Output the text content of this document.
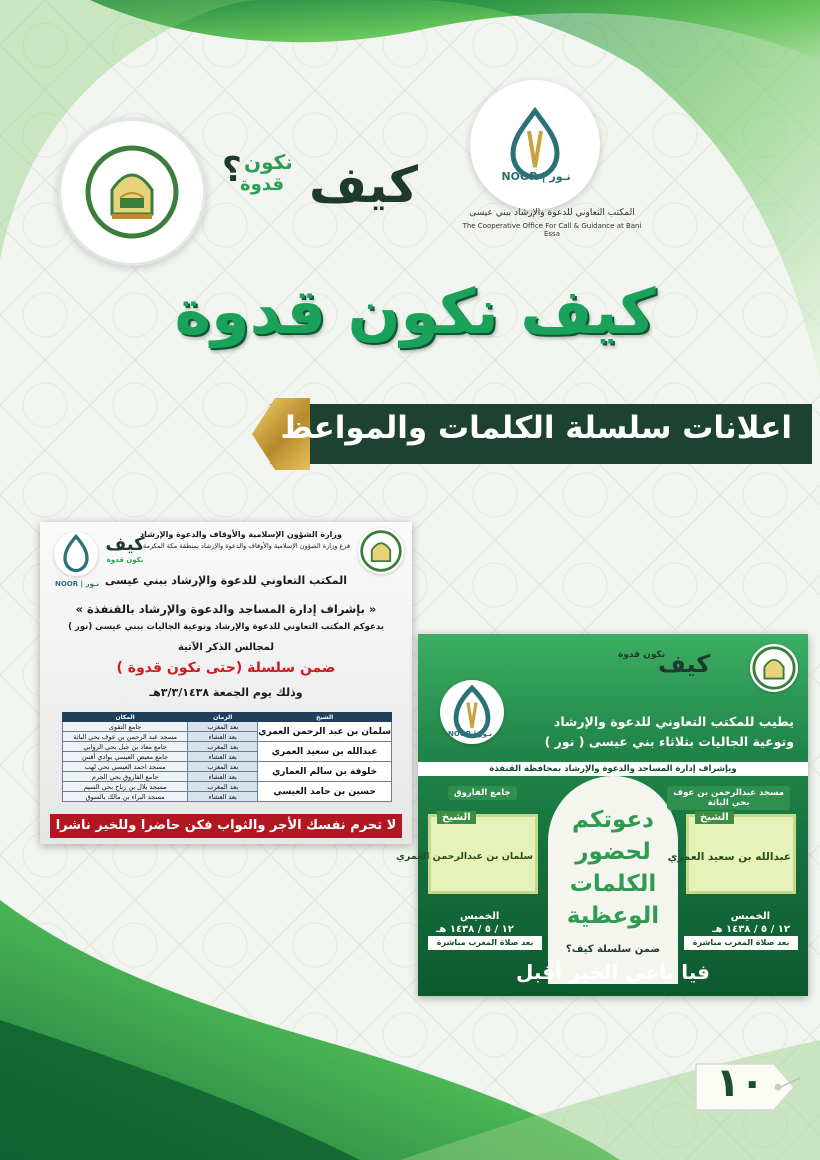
كيف
نكون
قدوة
؟	NOOR | نـور
المكتب التعاوني للدعوة والإرشاد ببني عيسى
The Cooperative Office For Call & Guidance at Bani Essa
كيف نكون قدوة
اعلانات سلسلة الكلمات والمواعظ
NOOR | نـور
كيف
نكون قدوة
وزارة الشؤون الإسلامية والأوقاف والدعوة والإرشاد
فرع وزارة الشؤون الإسلامية والأوقاف والدعوة والإرشاد بمنطقة مكة المكرمة
المكتب التعاوني للدعوة والإرشاد ببني عيسى
« بإشراف إدارة المساجد والدعوة والإرشاد بالقنفذة »
يدعوكم المكتب التعاوني للدعوة والإرشاد وتوعية الجاليات ببني عيسى (نور )
لمجالس الذكر الآتية
ضمن سلسلة (حتى نكون قدوة )
وذلك يوم الجمعة ٣/٣/١٤٣٨هـ
الشيخ	الزمان	المكان
سلمان بن عبد الرحمن العمري	بعد المغرب	جامع التقوى
	بعد العشاء	مسجد عبد الرحمن بن عوف بحي الباثة
عبدالله بن سعيد العمري	بعد المغرب	جامع معاذ بن جبل بحي الروابي
	بعد العشاء	جامع معيض العيسي بوادي أقس
خلوفة بن سالم العماري	بعد المغرب	مسجد احمد العيسي بحي لهب
	بعد العشاء	جامع الفاروق بحي الجرم
حسين بن حامد العيسي	بعد المغرب	مسجد بلال بن رباح بحي السيم
	بعد العشاء	مسجد البراء بن مالك بالسوق
لا تحرم نفسك الأجر والثواب فكن حاضرا وللخير ناشرا
كيف
نكون قدوة
NOOR | نـور
يطيب للمكتب التعاوني للدعوة والإرشاد
وتوعية الجاليات بثلاثاء بني عيسى ( نور )
وبإشراف إدارة المساجد والدعوة والإرشاد بمحافظة القنفذة
دعوتكم
لحضور
الكلمات
الوعظية
ضمن سلسلة كيف؟
مسجد عبدالرحمن بن عوف
بحي الباثة
الشيخ
عبدالله بن سعيد العمري
الخميس
١٢ / ٥ / ١٤٣٨ هـ
بعد صلاة المغرب مباشرة
جامع الفاروق
الشيخ
سلمان بن عبدالرحمن العمري
الخميس
١٢ / ٥ / ١٤٣٨ هـ
بعد صلاة المغرب مباشرة
فيا باغي الخير أقبل
١٠
